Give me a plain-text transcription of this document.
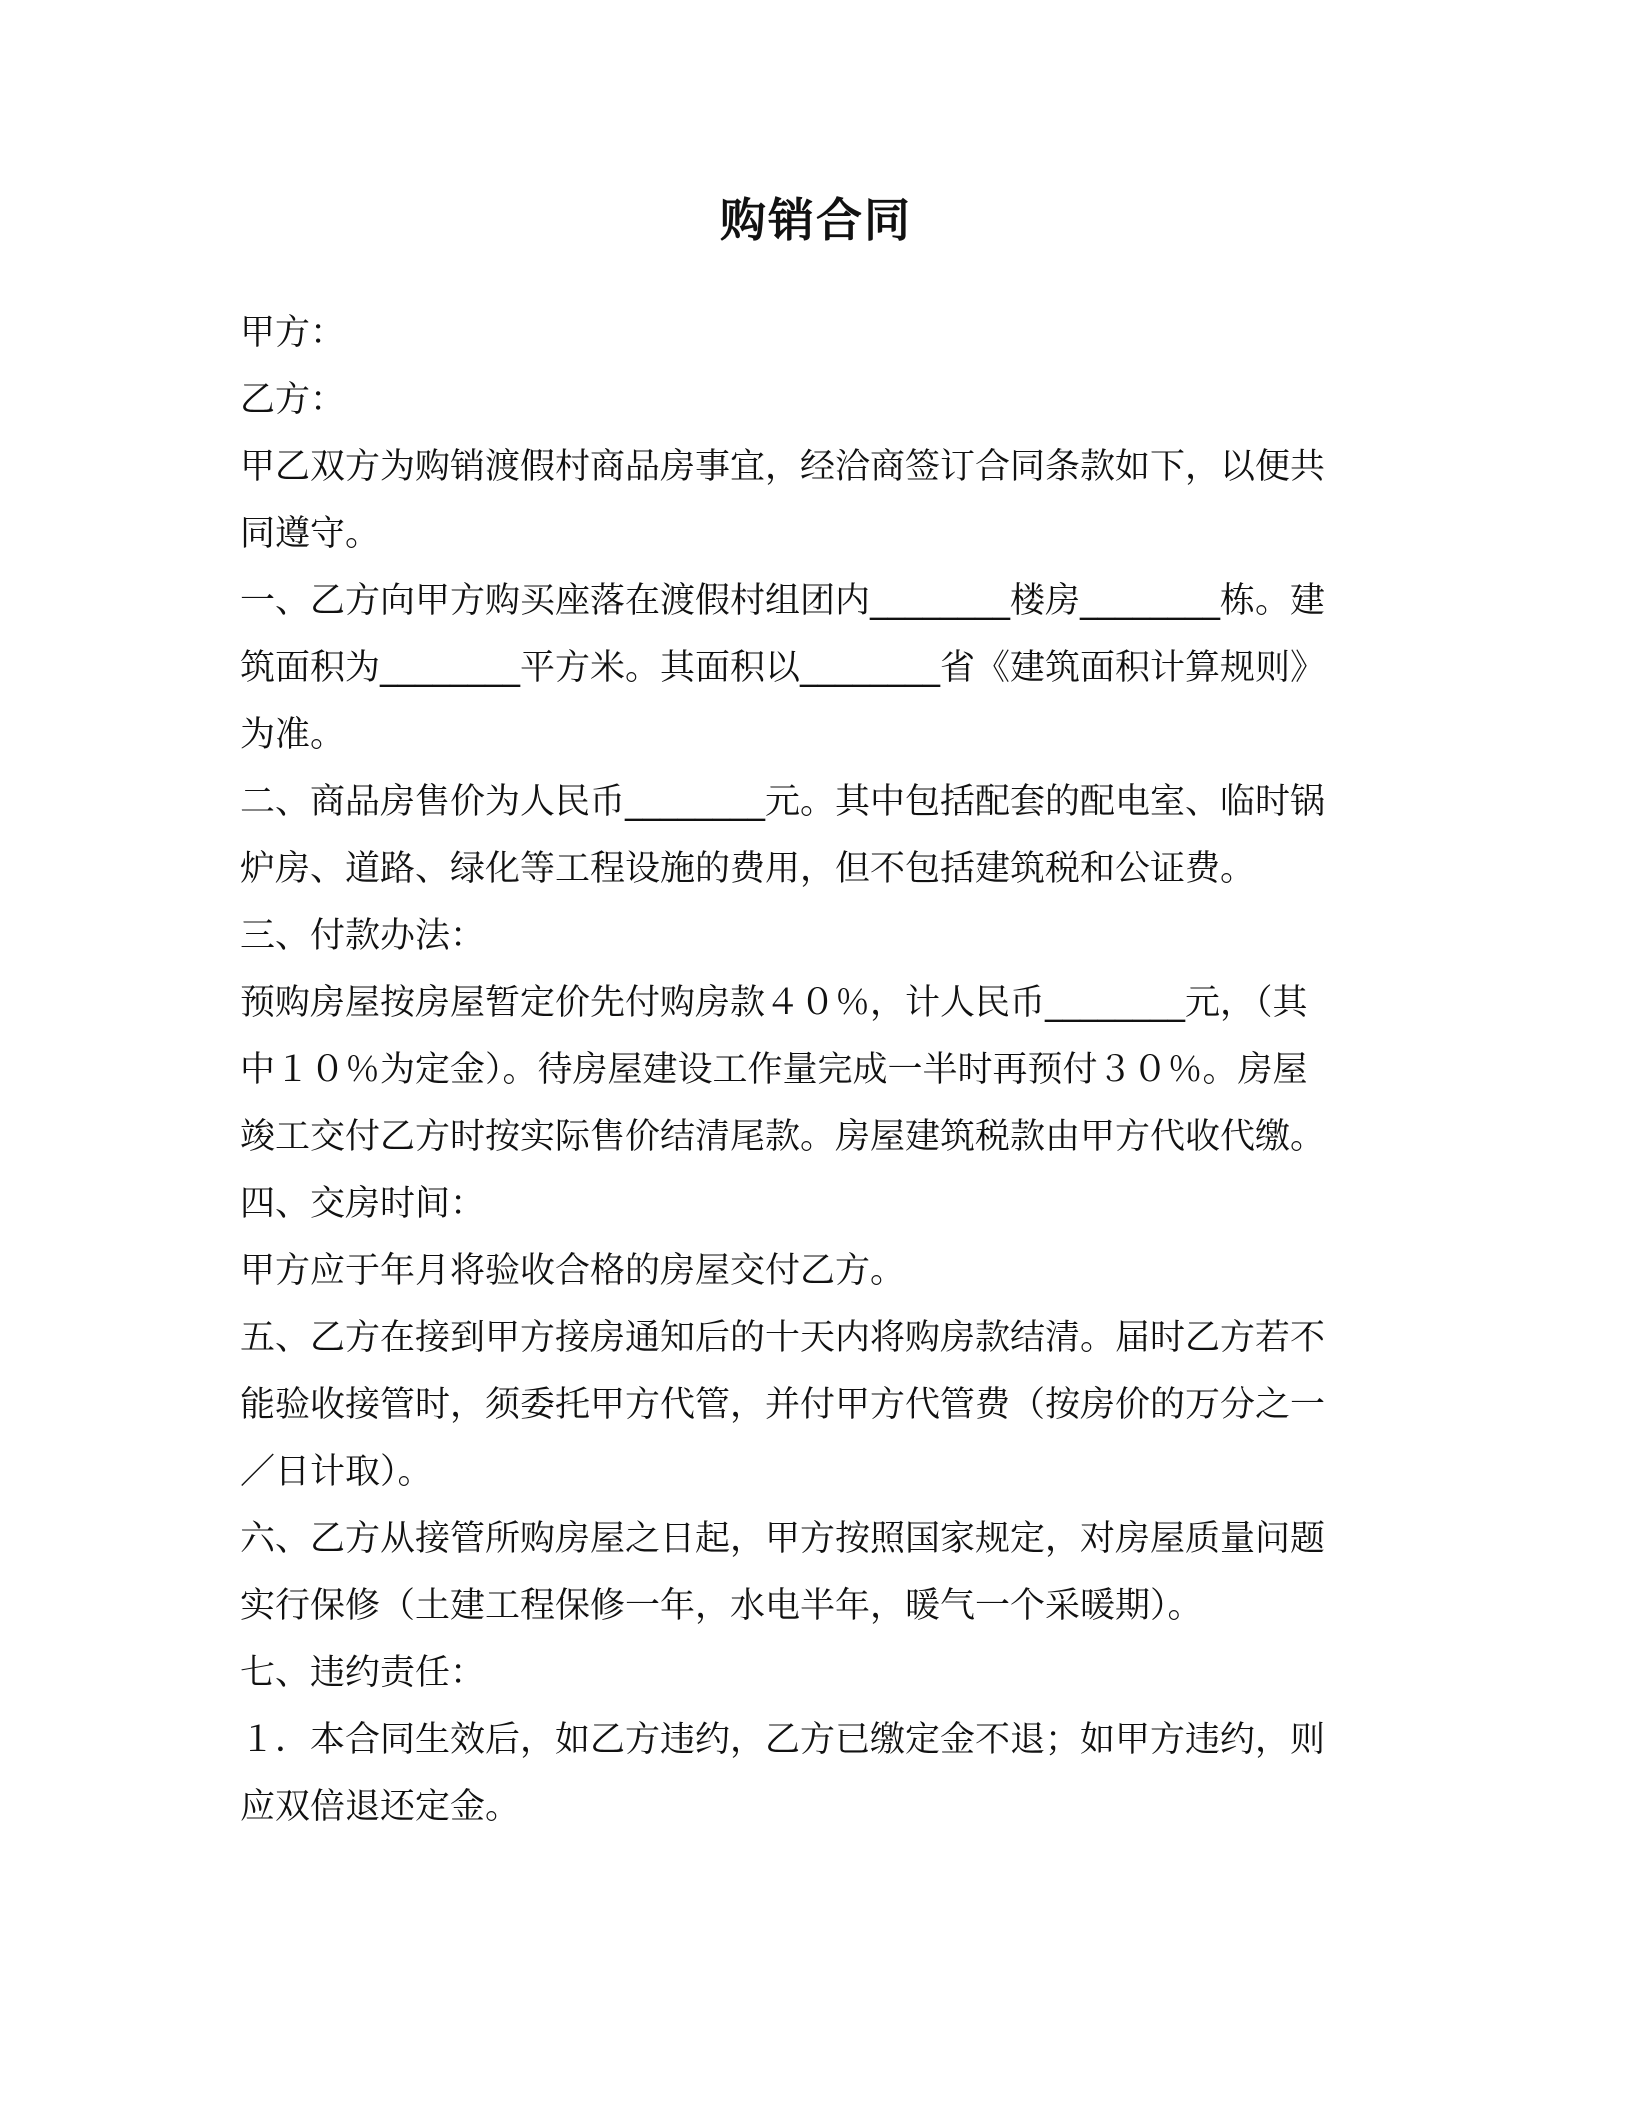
购销合同
甲方：
乙方：
甲乙双方为购销渡假村商品房事宜，经洽商签订合同条款如下，以便共
同遵守。
一、乙方向甲方购买座落在渡假村组团内________楼房________栋。建
筑面积为________平方米。其面积以________省《建筑面积计算规则》
为准。
二、商品房售价为人民币________元。其中包括配套的配电室、临时锅
炉房、道路、绿化等工程设施的费用，但不包括建筑税和公证费。
三、付款办法：
预购房屋按房屋暂定价先付购房款４０％，计人民币________元，（其
中１０％为定金）。待房屋建设工作量完成一半时再预付３０％。房屋
竣工交付乙方时按实际售价结清尾款。房屋建筑税款由甲方代收代缴。
四、交房时间：
甲方应于年月将验收合格的房屋交付乙方。
五、乙方在接到甲方接房通知后的十天内将购房款结清。届时乙方若不
能验收接管时，须委托甲方代管，并付甲方代管费（按房价的万分之一
／日计取）。
六、乙方从接管所购房屋之日起，甲方按照国家规定，对房屋质量问题
实行保修（土建工程保修一年，水电半年，暖气一个采暖期）。
七、违约责任：
１．本合同生效后，如乙方违约，乙方已缴定金不退；如甲方违约，则
应双倍退还定金。
